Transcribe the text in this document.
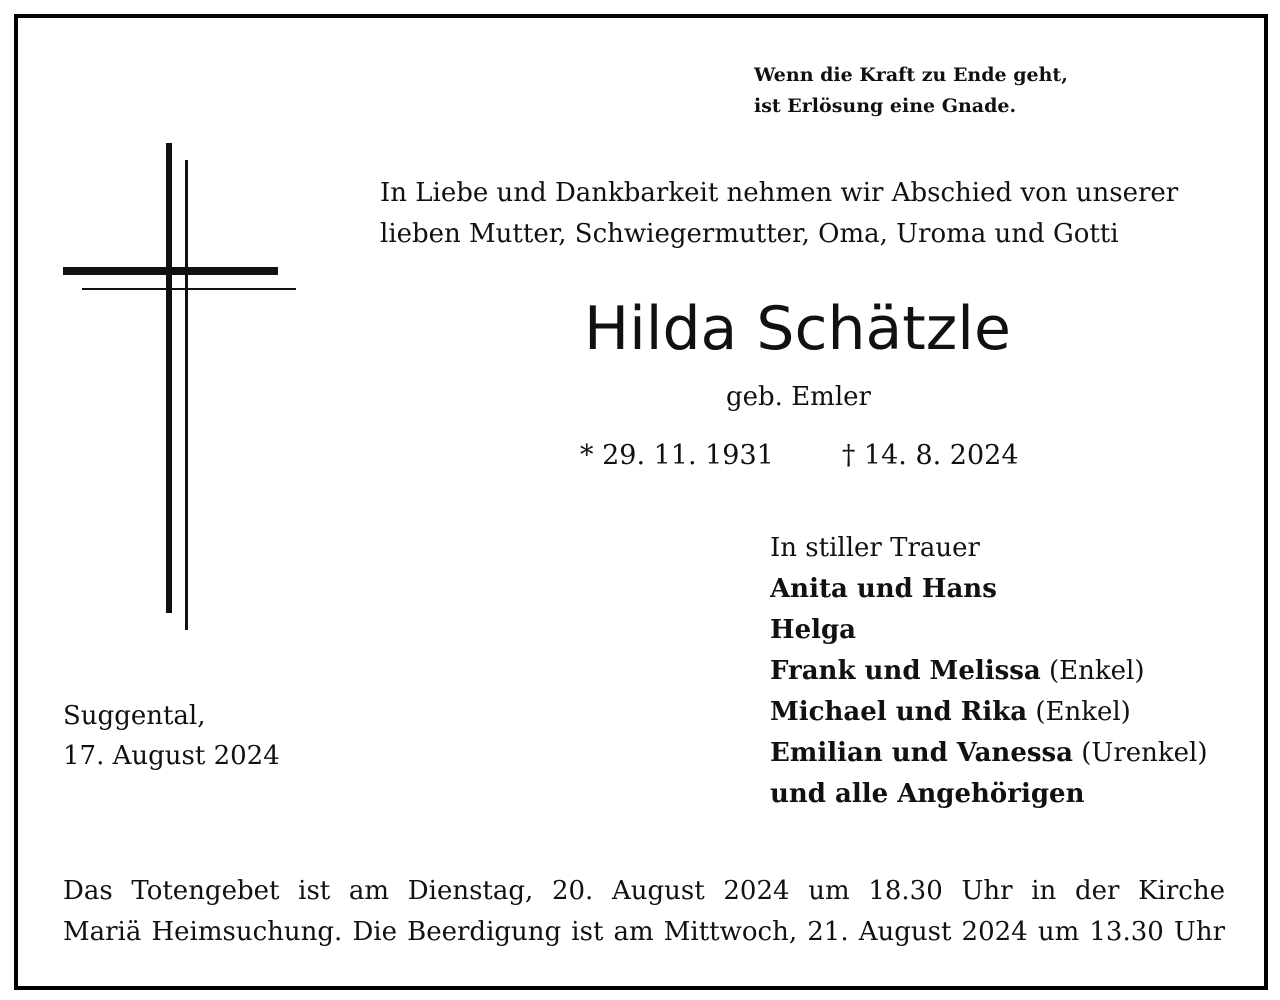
Wenn die Kraft zu Ende geht,
ist Erlösung eine Gnade.
In Liebe und Dankbarkeit nehmen wir Abschied von unserer
lieben Mutter, Schwiegermutter, Oma, Uroma und Gotti
Hilda Schätzle
geb. Emler
* 29. 11. 1931	† 14. 8. 2024
In stiller Trauer
Anita und Hans
Helga
Frank und Melissa (Enkel)
Michael und Rika (Enkel)
Emilian und Vanessa (Urenkel)
und alle Angehörigen
Suggental,
17. August 2024
Das Totengebet ist am Dienstag, 20. August 2024 um 18.30 Uhr in der Kirche
Mariä Heimsuchung. Die Beerdigung ist am Mittwoch, 21. August 2024 um 13.30 Uhr
